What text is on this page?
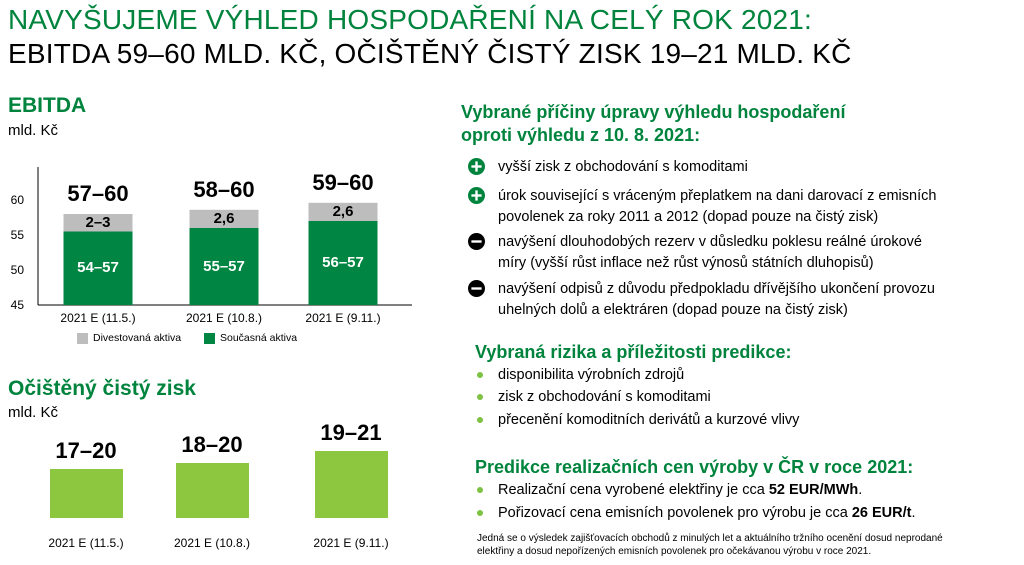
NAVYŠUJEME VÝHLED HOSPODAŘENÍ NA CELÝ ROK 2021:
EBITDA 59–60 MLD. KČ, OČIŠTĚNÝ ČISTÝ ZISK 19–21 MLD. KČ
EBITDA
mld. Kč
60
55
50
45
54–57
2–3
57–60
2021 E (11.5.)
55–57
2,6
58–60
2021 E (10.8.)
56–57
2,6
59–60
2021 E (9.11.)
Divestovaná aktiva	Současná aktiva
Očištěný čistý zisk
mld. Kč
17–20
2021 E (11.5.)
18–20
2021 E (10.8.)
19–21
2021 E (9.11.)
Vybrané příčiny úpravy výhledu hospodaření
oproti výhledu z 10. 8. 2021:
vyšší zisk z obchodování s komoditami
úrok související s vráceným přeplatkem na dani darovací z emisních
povolenek za roky 2011 a 2012 (dopad pouze na čistý zisk)
navýšení dlouhodobých rezerv v důsledku poklesu reálné úrokové
míry (vyšší růst inflace než růst výnosů státních dluhopisů)
navýšení odpisů z důvodu předpokladu dřívějšího ukončení provozu
uhelných dolů a elektráren (dopad pouze na čistý zisk)
Vybraná rizika a příležitosti predikce:
disponibilita výrobních zdrojů
zisk z obchodování s komoditami
přecenění komoditních derivátů a kurzové vlivy
Predikce realizačních cen výroby v ČR v roce 2021:
Realizační cena vyrobené elektřiny je cca 52 EUR/MWh.
Pořizovací cena emisních povolenek pro výrobu je cca 26 EUR/t.
Jedná se o výsledek zajišťovacích obchodů z minulých let a aktuálního tržního ocenění dosud neprodané
elektřiny a dosud nepořízených emisních povolenek pro očekávanou výrobu v roce 2021.
